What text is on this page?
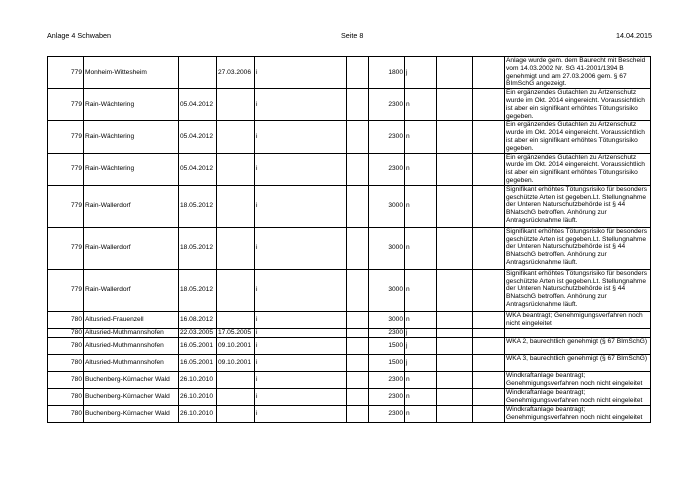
Anlage 4 Schwaben	Seite 8	14.04.2015
779	Monheim-Wittesheim		27.03.2006	i		1800	j			Anlage wurde gem. dem Baurecht mit Bescheid vom 14.03.2002 Nr. SG 41-2001/1394 B genehmigt und am 27.03.2006 gem. § 67 BImSchG angezeigt.
779	Rain-Wächtering	05.04.2012		i		2300	n			Ein ergänzendes Gutachten zu Artzenschutz wurde im Okt. 2014 eingereicht. Voraussichtlich ist aber ein signifikant erhöhtes Tötungsrisiko gegeben.
779	Rain-Wächtering	05.04.2012		i		2300	n			Ein ergänzendes Gutachten zu Artzenschutz wurde im Okt. 2014 eingereicht. Voraussichtlich ist aber ein signifikant erhöhtes Tötungsrisiko gegeben.
779	Rain-Wächtering	05.04.2012		i		2300	n			Ein ergänzendes Gutachten zu Artzenschutz wurde im Okt. 2014 eingereicht. Voraussichtlich ist aber ein signifikant erhöhtes Tötungsrisiko gegeben.
779	Rain-Wallerdorf	18.05.2012		i		3000	n			Signifikant erhöhtes Tötungsrisiko für besonders geschützte Arten ist gegeben.Lt. Stellungnahme der Unteren Naturschutzbehörde ist § 44 BNatschG betroffen. Anhörung zur Antragsrücknahme läuft.
779	Rain-Wallerdorf	18.05.2012		i		3000	n			Signifikant erhöhtes Tötungsrisiko für besonders geschützte Arten ist gegeben.Lt. Stellungnahme der Unteren Naturschutzbehörde ist § 44 BNatschG betroffen. Anhörung zur Antragsrücknahme läuft.
779	Rain-Wallerdorf	18.05.2012		i		3000	n			Signifikant erhöhtes Tötungsrisiko für besonders geschützte Arten ist gegeben.Lt. Stellungnahme der Unteren Naturschutzbehörde ist § 44 BNatschG betroffen. Anhörung zur Antragsrücknahme läuft.
780	Altusried-Frauenzell	16.08.2012		i		3000	n			WKA beantragt; Genehmigungsverfahren noch nicht eingeleitet
780	Altusried-Muthmannshofen	22.03.2005	17.05.2005	i		2300	j			
780	Altusried-Muthmannshofen	16.05.2001	09.10.2001	i		1500	j			WKA 2, baurechtlich genehmigt (§ 67 BImSchG)
780	Altusried-Muthmannshofen	16.05.2001	09.10.2001	i		1500	j			WKA 3, baurechtlich genehmigt (§ 67 BImSchG)
780	Buchenberg-Kürnacher Wald	26.10.2010		i		2300	n			Windkraftanlage beantragt; Genehmigungsverfahren noch nicht eingeleitet
780	Buchenberg-Kürnacher Wald	26.10.2010		i		2300	n			Windkraftanlage beantragt; Genehmigungsverfahren noch nicht eingeleitet
780	Buchenberg-Kürnacher Wald	26.10.2010		i		2300	n			Windkraftanlage beantragt; Genehmigungsverfahren noch nicht eingeleitet
